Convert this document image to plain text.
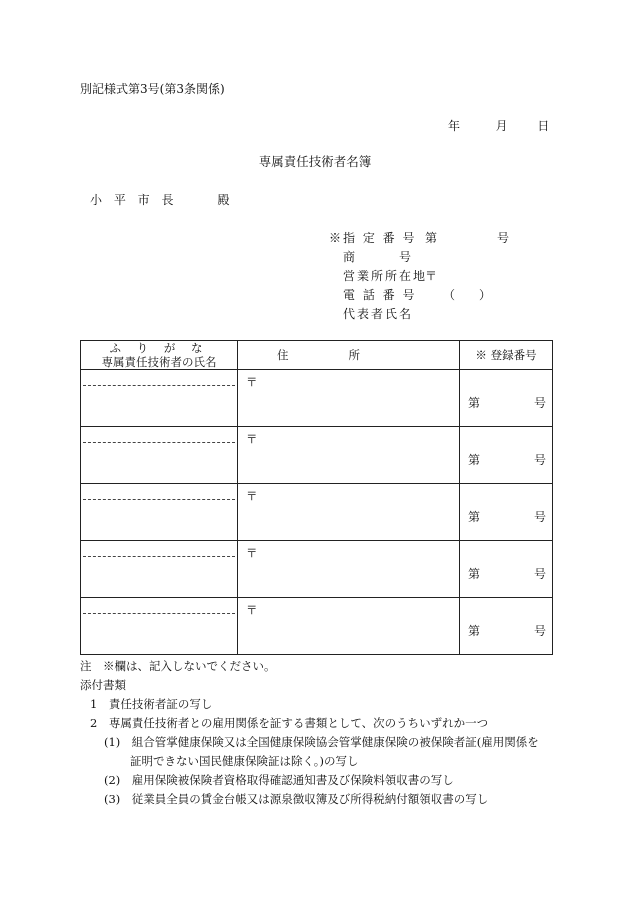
別記様式第3号(第3条関係)
年	月 日
専属責任技術者名簿
小 平 市 長	殿
※指 定 番 号 第　　　　　号
　商　　　号
　営業所所在地〒
　電 話 番 号　　（　　）
　代表者氏名
ふ り が な
専属責任技術者の氏名	住所	※ 登録番号

	〒	第 号

	〒	第 号

	〒	第 号

	〒	第 号

	〒	第 号
注　※欄は、記入しないでください。
添付書類
1　責任技術者証の写し
2　専属責任技術者との雇用関係を証する書類として、次のうちいずれか一つ
(1)　組合管掌健康保険又は全国健康保険協会管掌健康保険の被保険者証(雇用関係を
証明できない国民健康保険証は除く。)の写し
(2)　雇用保険被保険者資格取得確認通知書及び保険料領収書の写し
(3)　従業員全員の賃金台帳又は源泉徴収簿及び所得税納付額領収書の写し
